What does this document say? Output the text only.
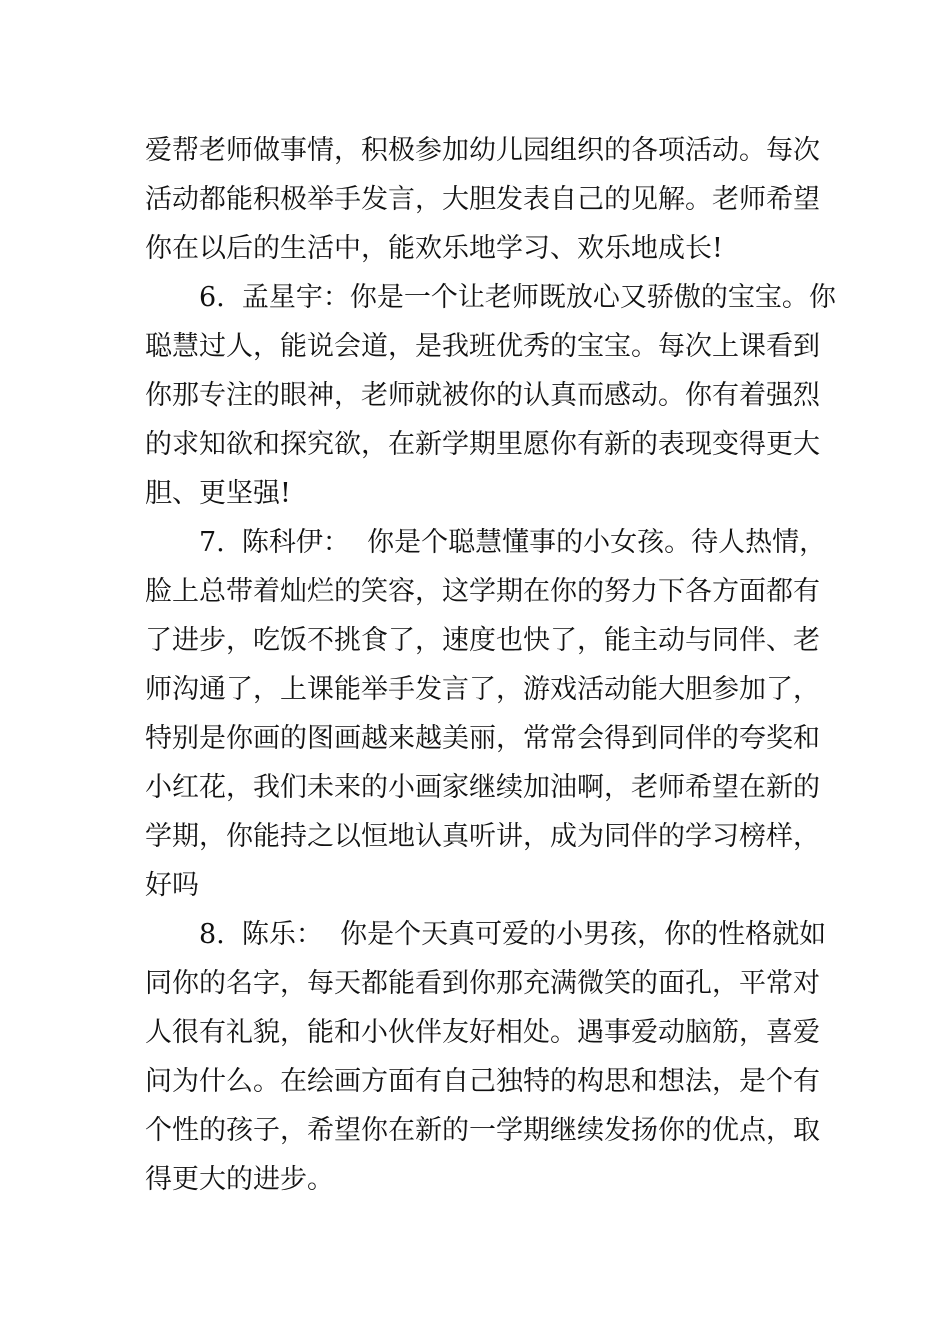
爱帮老师做事情，积极参加幼儿园组织的各项活动。每次
活动都能积极举手发言，大胆发表自己的见解。老师希望
你在以后的生活中，能欢乐地学习、欢乐地成长!
6.  孟星宇：你是一个让老师既放心又骄傲的宝宝。你
聪慧过人，能说会道，是我班优秀的宝宝。每次上课看到
你那专注的眼神，老师就被你的认真而感动。你有着强烈
的求知欲和探究欲，在新学期里愿你有新的表现变得更大
胆、更坚强!
7.  陈科伊：  你是个聪慧懂事的小女孩。待人热情，
脸上总带着灿烂的笑容，这学期在你的努力下各方面都有
了进步，吃饭不挑食了，速度也快了，能主动与同伴、老
师沟通了，上课能举手发言了，游戏活动能大胆参加了，
特别是你画的图画越来越美丽，常常会得到同伴的夸奖和
小红花，我们未来的小画家继续加油啊，老师希望在新的
学期，你能持之以恒地认真听讲，成为同伴的学习榜样，
好吗
8.  陈乐：  你是个天真可爱的小男孩，你的性格就如
同你的名字，每天都能看到你那充满微笑的面孔，平常对
人很有礼貌，能和小伙伴友好相处。遇事爱动脑筋，喜爱
问为什么。在绘画方面有自己独特的构思和想法，是个有
个性的孩子，希望你在新的一学期继续发扬你的优点，取
得更大的进步。
